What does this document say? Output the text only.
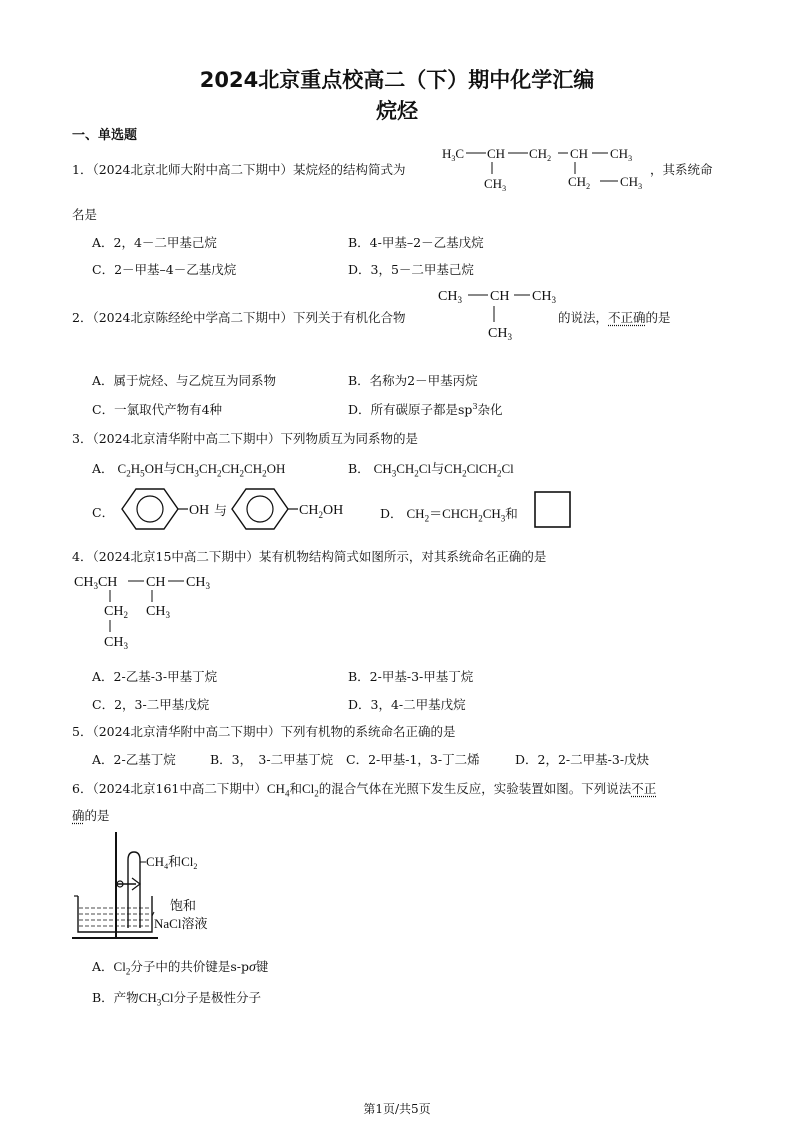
2024北京重点校高二（下）期中化学汇编
烷烃
一、单选题
1．（2024北京北师大附中高二下期中）某烷烃的结构简式为
$H_3C$ CH $CH_2$ CH $CH_3$
$CH_3$	$CH_2$ $CH_3$
，其系统命
名是
A．2，4－二甲基己烷	B．4-甲基–2－乙基戊烷
C．2－甲基–4－乙基戊烷	D．3，5－二甲基己烷
2．（2024北京陈经纶中学高二下期中）下列关于有机化合物
$CH_3$ CH $CH_3$
$CH_3$
的说法，不正确的是
A．属于烷烃、与乙烷互为同系物	B．名称为2－甲基丙烷
C．一氯取代产物有4种	D．所有碳原子都是$sp^3$杂化
3．（2024北京清华附中高二下期中）下列物质互为同系物的是
A． $C_2H_5OH$与$CH_3CH_2CH_2CH_2OH$	B． $CH_3CH_2Cl$与$CH_2ClCH_2Cl$
C．	OH 与	$CH_2OH$	D． $CH_2=CHCH_2CH_3$和
4．（2024北京15中高二下期中）某有机物结构简式如图所示，对其系统命名正确的是
$CH_3CH$ CH $CH_3$
$CH_2$ $CH_3$
$CH_3$
A．2-乙基-3-甲基丁烷	B．2-甲基-3-甲基丁烷
C．2，3-二甲基戊烷	D．3，4-二甲基戊烷
5．（2024北京清华附中高二下期中）下列有机物的系统命名正确的是
A．2-乙基丁烷	B．3，　3-二甲基丁烷 C．2-甲基-1，3-丁二烯	D．2，2-二甲基-3-戊炔
6．（2024北京161中高二下期中）$CH_4$和$Cl_2$的混合气体在光照下发生反应，实验装置如图。下列说法不正
确的是
$CH_4$和$Cl_2$
饱和
NaCl溶液
A．$Cl_2$分子中的共价键是s-pσ键
B．产物$CH_3Cl$分子是极性分子
第1页/共5页
